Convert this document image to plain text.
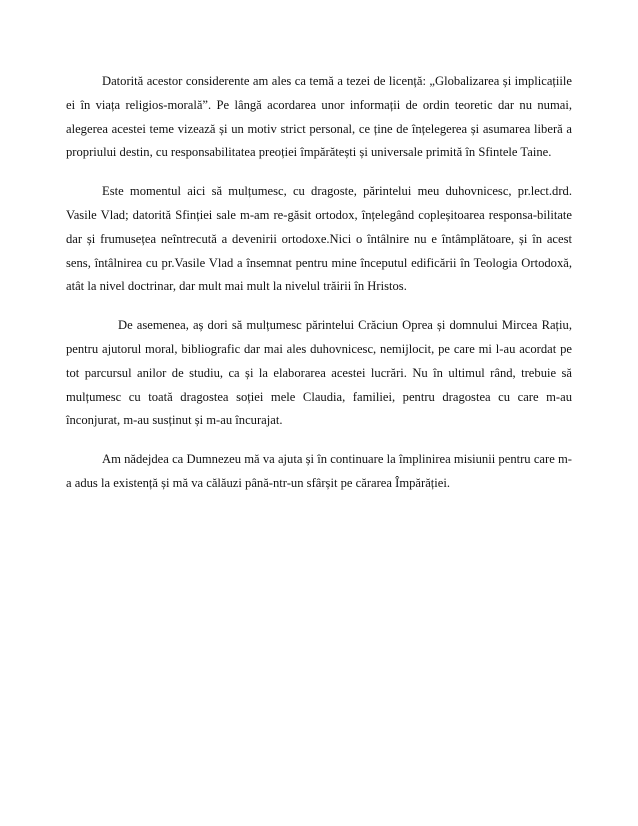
Datorită acestor considerente am ales ca temă a tezei de licență: „Globalizarea și implicațiile ei în viața religios-morală”. Pe lângă acordarea unor informații de ordin teoretic dar nu numai, alegerea acestei teme vizează și un motiv strict personal, ce ține de înțelegerea și asumarea liberă a propriului destin, cu responsabilitatea preoției împărătești și universale primită în Sfintele Taine.

Este momentul aici să mulțumesc, cu dragoste, părintelui meu duhovnicesc, pr.lect.drd. Vasile Vlad; datorită Sfinției sale m-am re-găsit ortodox, înțelegând copleșitoarea responsa-bilitate dar și frumusețea neîntrecută a devenirii ortodoxe.Nici o întâlnire nu e întâmplătoare, și în acest sens, întâlnirea cu pr.Vasile Vlad a însemnat pentru mine începutul edificării în Teologia Ortodoxă, atât la nivel doctrinar, dar mult mai mult la nivelul trăirii în Hristos.

De asemenea, aș dori să mulțumesc părintelui Crăciun Oprea și domnului Mircea Rațiu, pentru ajutorul moral, bibliografic dar mai ales duhovnicesc, nemijlocit, pe care mi l-au acordat pe tot parcursul anilor de studiu, ca și la elaborarea acestei lucrări. Nu în ultimul rând, trebuie să mulțumesc cu toată dragostea soției mele Claudia, familiei, pentru dragostea cu care m-au înconjurat, m-au susținut și m-au încurajat.

Am nădejdea ca Dumnezeu mă va ajuta și în continuare la împlinirea misiunii pentru care m-a adus la existență și mă va călăuzi până-ntr-un sfârșit pe cărarea Împărăției.
